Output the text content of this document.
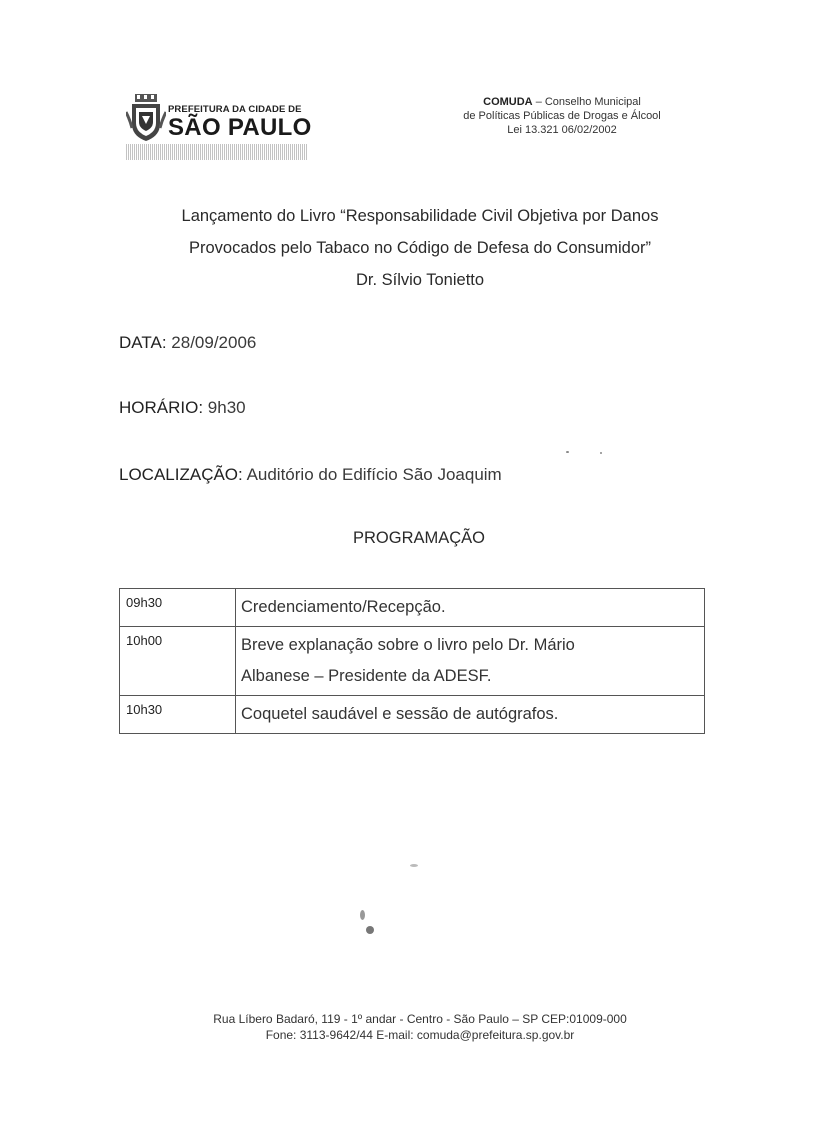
PREFEITURA DA CIDADE DE
SÃO PAULO
COMUDA – Conselho Municipal
de Políticas Públicas de Drogas e Álcool
Lei 13.321 06/02/2002
Lançamento do Livro “Responsabilidade Civil Objetiva por Danos
Provocados pelo Tabaco no Código de Defesa do Consumidor”
Dr. Sílvio Tonietto
DATA: 28/09/2006
HORÁRIO: 9h30
LOCALIZAÇÃO: Auditório do Edifício São Joaquim
PROGRAMAÇÃO
09h30	Credenciamento/Recepção.

10h00	Breve explanação sobre o livro pelo Dr. Mário
Albanese – Presidente da ADESF.

10h30	Coquetel saudável e sessão de autógrafos.
Rua Líbero Badaró, 119 - 1º andar - Centro - São Paulo – SP CEP:01009-000
Fone: 3113-9642/44 E-mail: comuda@prefeitura.sp.gov.br
